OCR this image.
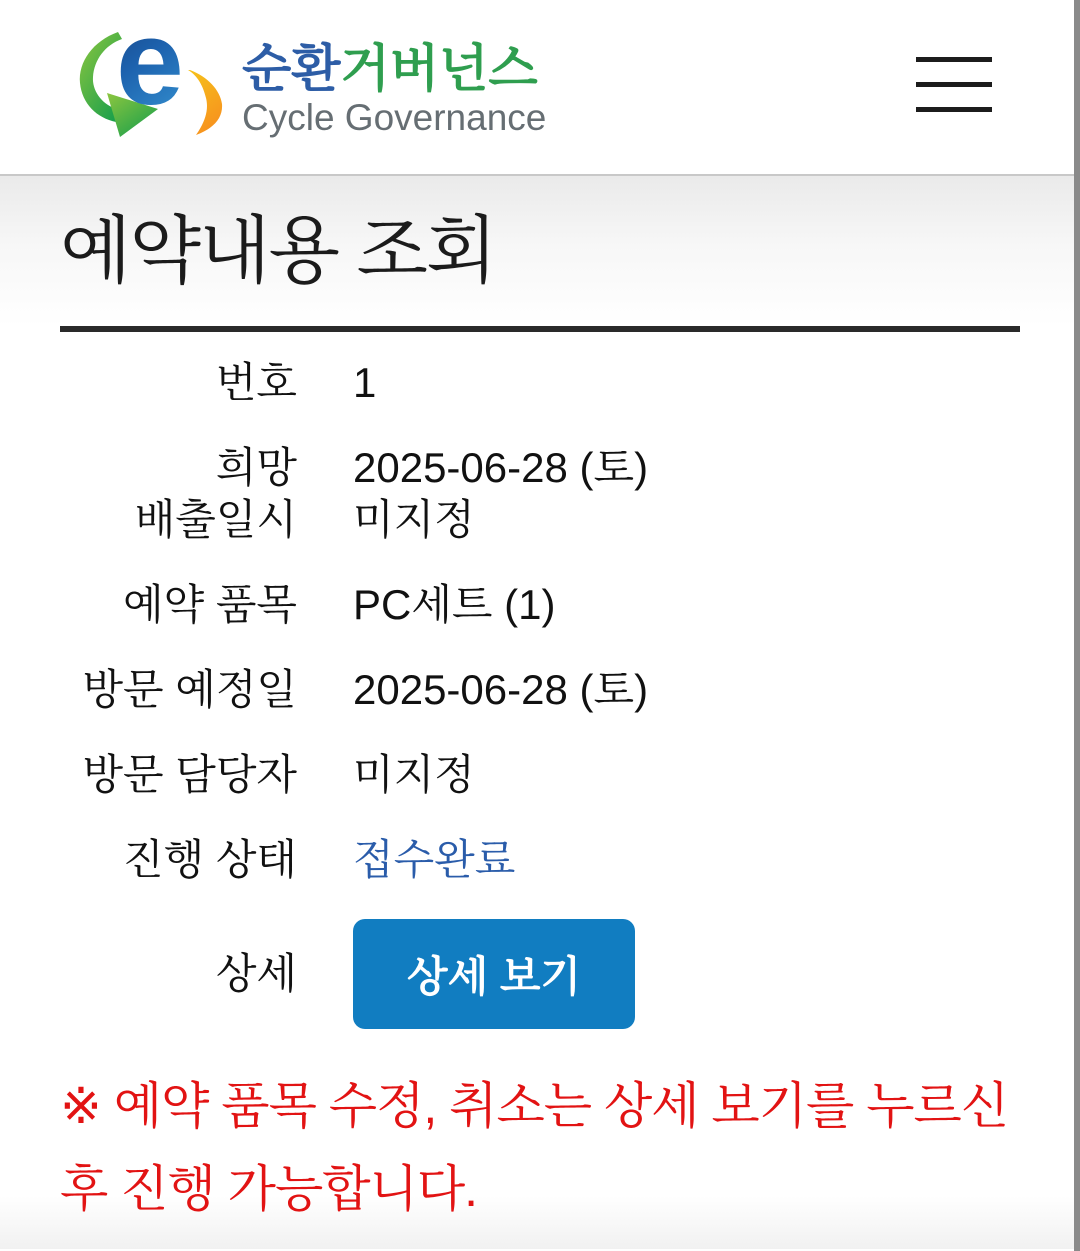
e 순환거버넌스
Cycle Governance
예약내용 조회
번호 1
희망
배출일시
2025-06-28 (토)
미지정
예약 품목 PC세트 (1)
방문 예정일 2025-06-28 (토)
방문 담당자 미지정
진행 상태 접수완료
상세	상세 보기

※ 예약 품목 수정, 취소는 상세 보기를 누르신 후 진행 가능합니다.
